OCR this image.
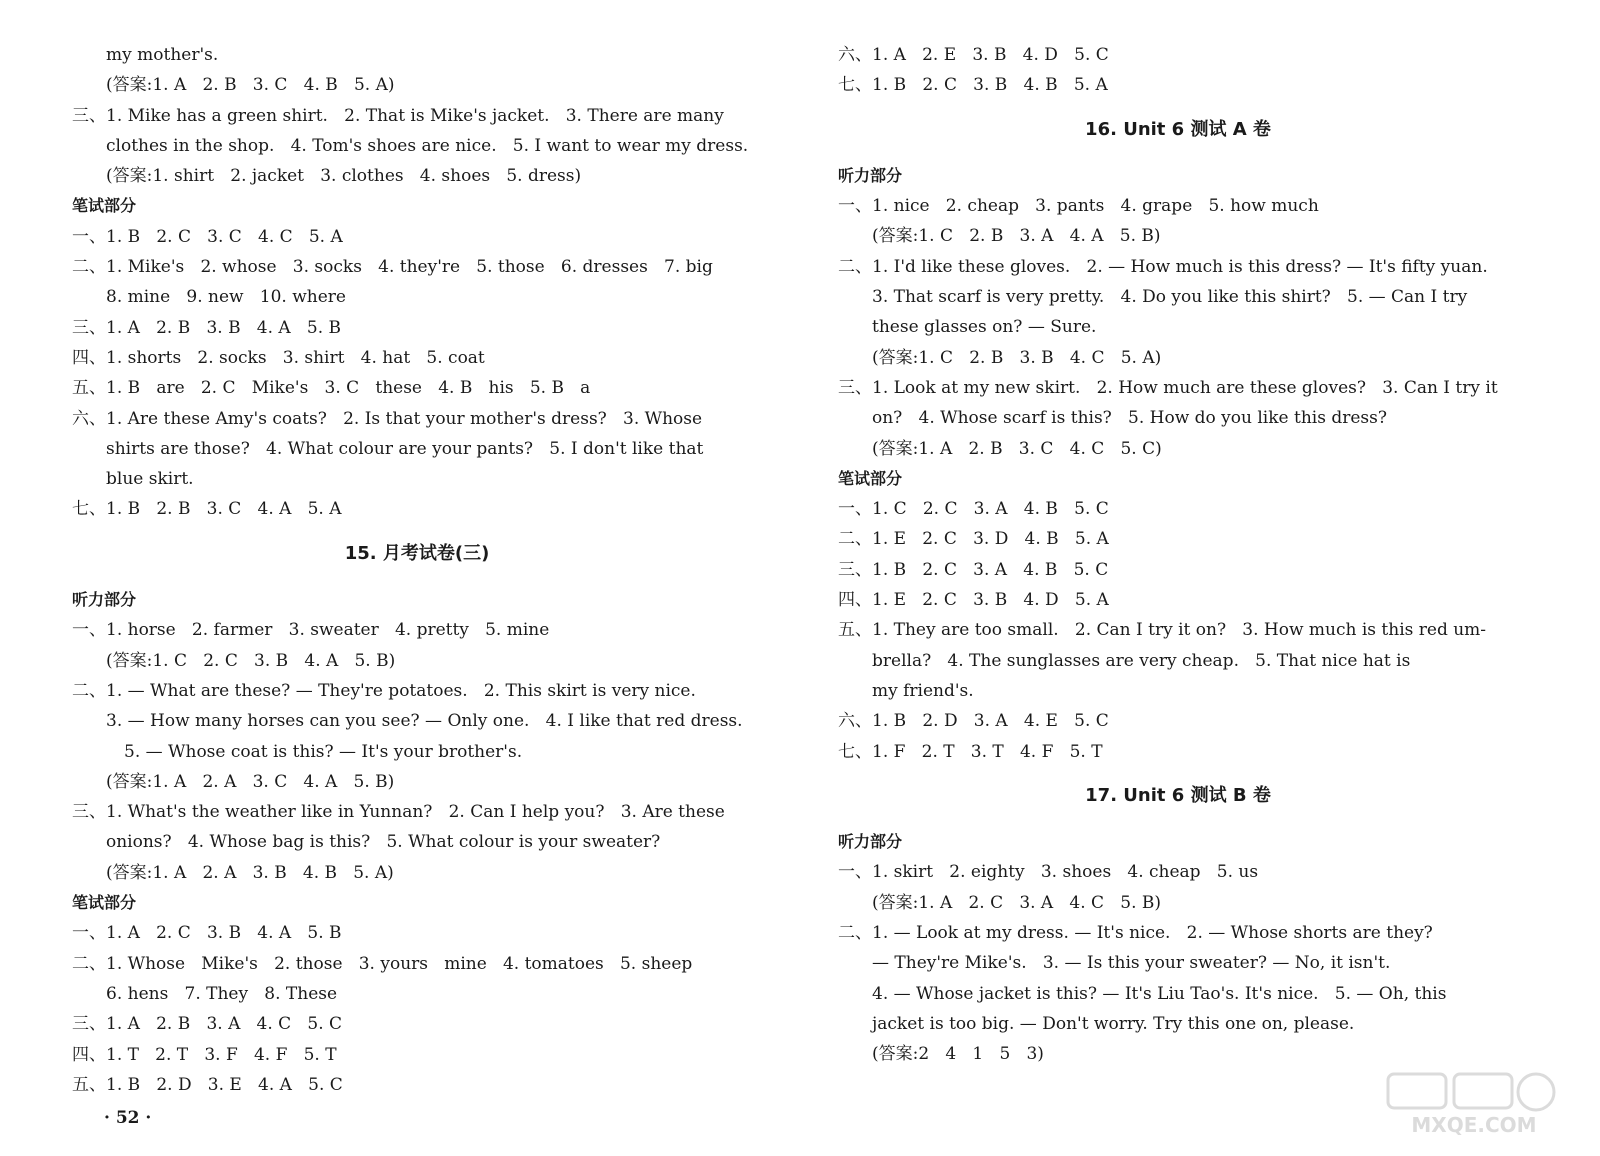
my mother's.
(答案:1. A   2. B   3. C   4. B   5. A)
三、1. Mike has a green shirt.   2. That is Mike's jacket.   3. There are many
clothes in the shop.   4. Tom's shoes are nice.   5. I want to wear my dress.
(答案:1. shirt   2. jacket   3. clothes   4. shoes   5. dress)
笔试部分
一、1. B   2. C   3. C   4. C   5. A
二、1. Mike's   2. whose   3. socks   4. they're   5. those   6. dresses   7. big
8. mine   9. new   10. where
三、1. A   2. B   3. B   4. A   5. B
四、1. shorts   2. socks   3. shirt   4. hat   5. coat
五、1. B   are   2. C   Mike's   3. C   these   4. B   his   5. B   a
六、1. Are these Amy's coats?   2. Is that your mother's dress?   3. Whose
shirts are those?   4. What colour are your pants?   5. I don't like that
blue skirt.
七、1. B   2. B   3. C   4. A   5. A
15. 月考试卷(三)
听力部分
一、1. horse   2. farmer   3. sweater   4. pretty   5. mine
(答案:1. C   2. C   3. B   4. A   5. B)
二、1. — What are these? — They're potatoes.   2. This skirt is very nice.
3. — How many horses can you see? — Only one.   4. I like that red dress.
5. — Whose coat is this? — It's your brother's.
(答案:1. A   2. A   3. C   4. A   5. B)
三、1. What's the weather like in Yunnan?   2. Can I help you?   3. Are these
onions?   4. Whose bag is this?   5. What colour is your sweater?
(答案:1. A   2. A   3. B   4. B   5. A)
笔试部分
一、1. A   2. C   3. B   4. A   5. B
二、1. Whose   Mike's   2. those   3. yours   mine   4. tomatoes   5. sheep
6. hens   7. They   8. These
三、1. A   2. B   3. A   4. C   5. C
四、1. T   2. T   3. F   4. F   5. T
五、1. B   2. D   3. E   4. A   5. C
六、1. A   2. E   3. B   4. D   5. C
七、1. B   2. C   3. B   4. B   5. A
16. Unit 6 测试 A 卷
听力部分
一、1. nice   2. cheap   3. pants   4. grape   5. how much
(答案:1. C   2. B   3. A   4. A   5. B)
二、1. I'd like these gloves.   2. — How much is this dress? — It's fifty yuan.
3. That scarf is very pretty.   4. Do you like this shirt?   5. — Can I try
these glasses on? — Sure.
(答案:1. C   2. B   3. B   4. C   5. A)
三、1. Look at my new skirt.   2. How much are these gloves?   3. Can I try it
on?   4. Whose scarf is this?   5. How do you like this dress?
(答案:1. A   2. B   3. C   4. C   5. C)
笔试部分
一、1. C   2. C   3. A   4. B   5. C
二、1. E   2. C   3. D   4. B   5. A
三、1. B   2. C   3. A   4. B   5. C
四、1. E   2. C   3. B   4. D   5. A
五、1. They are too small.   2. Can I try it on?   3. How much is this red um-
brella?   4. The sunglasses are very cheap.   5. That nice hat is
my friend's.
六、1. B   2. D   3. A   4. E   5. C
七、1. F   2. T   3. T   4. F   5. T
17. Unit 6 测试 B 卷
听力部分
一、1. skirt   2. eighty   3. shoes   4. cheap   5. us
(答案:1. A   2. C   3. A   4. C   5. B)
二、1. — Look at my dress. — It's nice.   2. — Whose shorts are they?
— They're Mike's.   3. — Is this your sweater? — No, it isn't.
4. — Whose jacket is this? — It's Liu Tao's. It's nice.   5. — Oh, this
jacket is too big. — Don't worry. Try this one on, please.
(答案:2   4   1   5   3)
· 52 ·	MXQE.COM
